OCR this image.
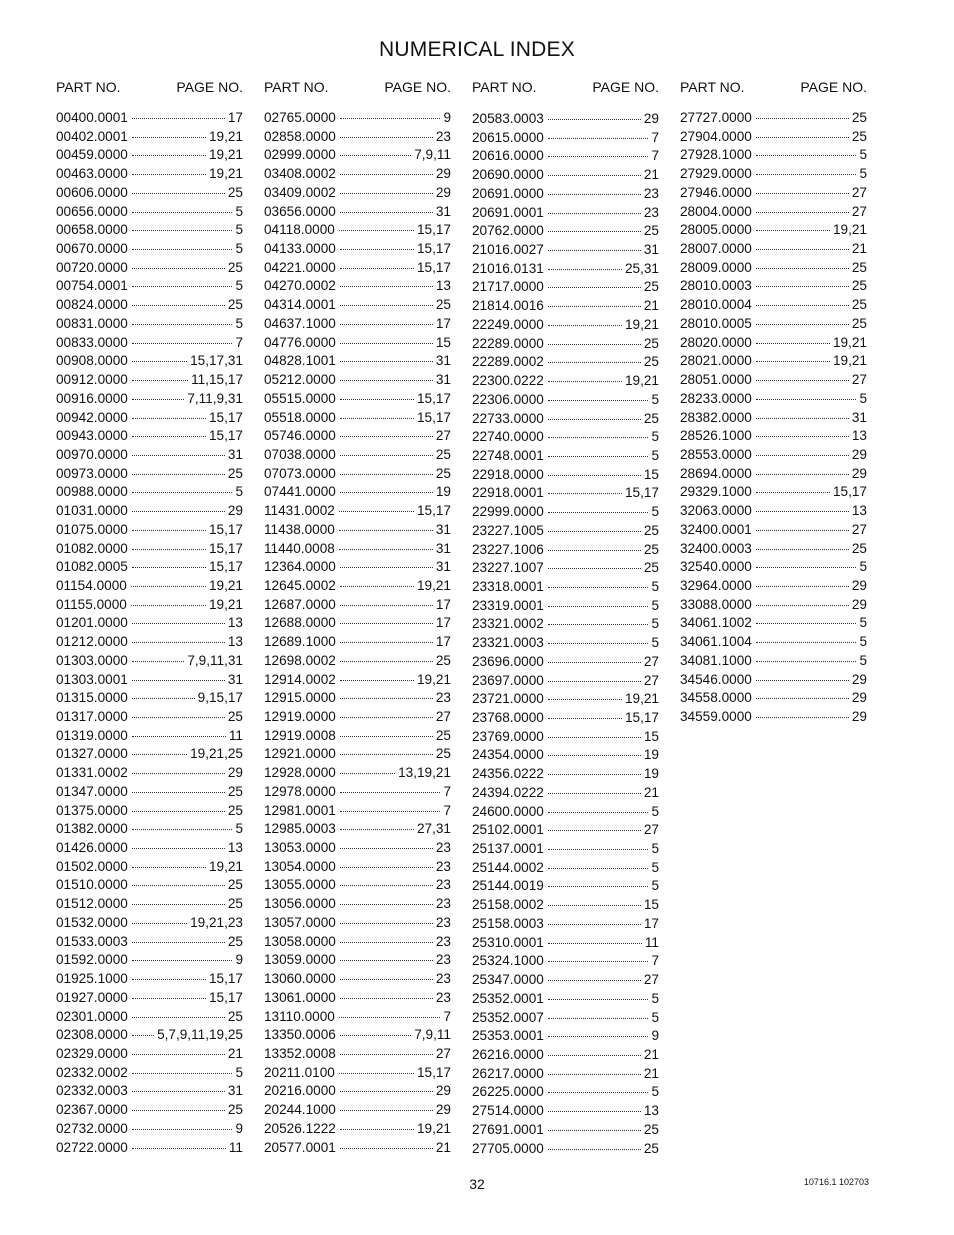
NUMERICAL INDEX
PART NO.	PAGE NO.
00400.0001	17
00402.0001	19,21
00459.0000	19,21
00463.0000	19,21
00606.0000	25
00656.0000	5
00658.0000	5
00670.0000	5
00720.0000	25
00754.0001	5
00824.0000	25
00831.0000	5
00833.0000	7
00908.0000	15,17,31
00912.0000	11,15,17
00916.0000	7,11,9,31
00942.0000	15,17
00943.0000	15,17
00970.0000	31
00973.0000	25
00988.0000	5
01031.0000	29
01075.0000	15,17
01082.0000	15,17
01082.0005	15,17
01154.0000	19,21
01155.0000	19,21
01201.0000	13
01212.0000	13
01303.0000	7,9,11,31
01303.0001	31
01315.0000	9,15,17
01317.0000	25
01319.0000	11
01327.0000	19,21,25
01331.0002	29
01347.0000	25
01375.0000	25
01382.0000	5
01426.0000	13
01502.0000	19,21
01510.0000	25
01512.0000	25
01532.0000	19,21,23
01533.0003	25
01592.0000	9
01925.1000	15,17
01927.0000	15,17
02301.0000	25
02308.0000 5,7,9,11,19,25
02329.0000	21
02332.0002	5
02332.0003	31
02367.0000	25
02732.0000	9
02722.0000	11
PART NO.	PAGE NO.
02765.0000	9
02858.0000	23
02999.0000	7,9,11
03408.0002	29
03409.0002	29
03656.0000	31
04118.0000	15,17
04133.0000	15,17
04221.0000	15,17
04270.0002	13
04314.0001	25
04637.1000	17
04776.0000	15
04828.1001	31
05212.0000	31
05515.0000	15,17
05518.0000	15,17
05746.0000	27
07038.0000	25
07073.0000	25
07441.0000	19
11431.0002	15,17
11438.0000	31
11440.0008	31
12364.0000	31
12645.0002	19,21
12687.0000	17
12688.0000	17
12689.1000	17
12698.0002	25
12914.0002	19,21
12915.0000	23
12919.0000	27
12919.0008	25
12921.0000	25
12928.0000	13,19,21
12978.0000	7
12981.0001	7
12985.0003	27,31
13053.0000	23
13054.0000	23
13055.0000	23
13056.0000	23
13057.0000	23
13058.0000	23
13059.0000	23
13060.0000	23
13061.0000	23
13110.0000	7
13350.0006	7,9,11
13352.0008	27
20211.0100	15,17
20216.0000	29
20244.1000	29
20526.1222	19,21
20577.0001	21
PART NO.	PAGE NO.
20583.0003	29
20615.0000	7
20616.0000	7
20690.0000	21
20691.0000	23
20691.0001	23
20762.0000	25
21016.0027	31
21016.0131	25,31
21717.0000	25
21814.0016	21
22249.0000	19,21
22289.0000	25
22289.0002	25
22300.0222	19,21
22306.0000	5
22733.0000	25
22740.0000	5
22748.0001	5
22918.0000	15
22918.0001	15,17
22999.0000	5
23227.1005	25
23227.1006	25
23227.1007	25
23318.0001	5
23319.0001	5
23321.0002	5
23321.0003	5
23696.0000	27
23697.0000	27
23721.0000	19,21
23768.0000	15,17
23769.0000	15
24354.0000	19
24356.0222	19
24394.0222	21
24600.0000	5
25102.0001	27
25137.0001	5
25144.0002	5
25144.0019	5
25158.0002	15
25158.0003	17
25310.0001	11
25324.1000	7
25347.0000	27
25352.0001	5
25352.0007	5
25353.0001	9
26216.0000	21
26217.0000	21
26225.0000	5
27514.0000	13
27691.0001	25
27705.0000	25
PART NO.	PAGE NO.
27727.0000	25
27904.0000	25
27928.1000	5
27929.0000	5
27946.0000	27
28004.0000	27
28005.0000	19,21
28007.0000	21
28009.0000	25
28010.0003	25
28010.0004	25
28010.0005	25
28020.0000	19,21
28021.0000	19,21
28051.0000	27
28233.0000	5
28382.0000	31
28526.1000	13
28553.0000	29
28694.0000	29
29329.1000	15,17
32063.0000	13
32400.0001	27
32400.0003	25
32540.0000	5
32964.0000	29
33088.0000	29
34061.1002	5
34061.1004	5
34081.1000	5
34546.0000	29
34558.0000	29
34559.0000	29
32	10716.1 102703
